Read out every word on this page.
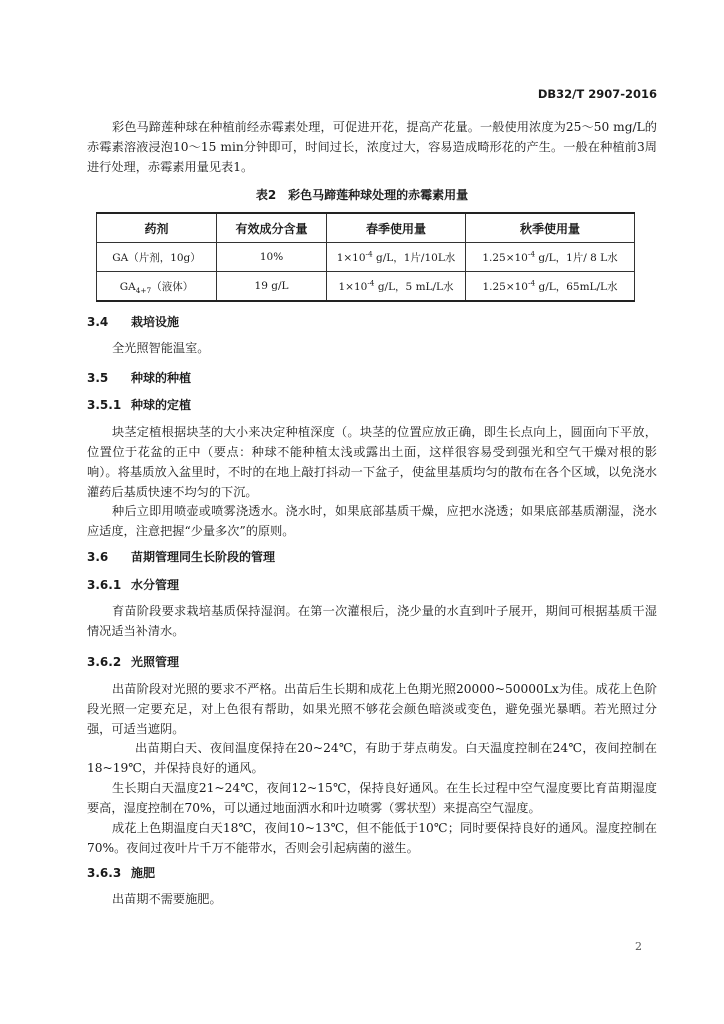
DB32/T 2907-2016

彩色马蹄莲种球在种植前经赤霉素处理，可促进开花，提高产花量。一般使用浓度为25～50 mg/L的赤霉素溶液浸泡10～15 min分钟即可，时间过长，浓度过大，容易造成畸形花的产生。一般在种植前3周进行处理，赤霉素用量见表1。

表2　彩色马蹄莲种球处理的赤霉素用量
药剂	有效成分含量	春季使用量	秋季使用量
GA（片剂，10g）	10%	$1\times 10^{-4}$ g/L，1片/10L水	$1.25\times 10^{-4}$ g/L，1片/ 8 L水
$GA_{4+7}$（液体）	19 g/L	$1\times 10^{-4}$ g/L，5 mL/L水	$1.25\times 10^{-4}$ g/L，65mL/L水
3.4 栽培设施

全光照智能温室。

3.5 种球的种植
3.5.1 种球的定植

块茎定植根据块茎的大小来决定种植深度（。块茎的位置应放正确，即生长点向上，圆面向下平放，位置位于花盆的正中（要点：种球不能种植太浅或露出土面，这样很容易受到强光和空气干燥对根的影响）。将基质放入盆里时，不时的在地上敲打抖动一下盆子，使盆里基质均匀的散布在各个区域，以免浇水灌药后基质快速不均匀的下沉。

种后立即用喷壶或喷雾浇透水。浇水时，如果底部基质干燥，应把水浇透；如果底部基质潮湿，浇水应适度，注意把握“少量多次”的原则。

3.6 苗期管理同生长阶段的管理
3.6.1 水分管理

育苗阶段要求栽培基质保持湿润。在第一次灌根后，浇少量的水直到叶子展开，期间可根据基质干湿情况适当补清水。

3.6.2 光照管理

出苗阶段对光照的要求不严格。出苗后生长期和成花上色期光照20000~50000Lx为佳。成花上色阶段光照一定要充足，对上色很有帮助，如果光照不够花会颜色暗淡或变色，避免强光暴晒。若光照过分强，可适当遮阴。

出苗期白天、夜间温度保持在20~24℃，有助于芽点萌发。白天温度控制在24℃，夜间控制在18~19℃，并保持良好的通风。

生长期白天温度21~24℃，夜间12~15℃，保持良好通风。在生长过程中空气湿度要比育苗期湿度要高，湿度控制在70%，可以通过地面洒水和叶边喷雾（雾状型）来提高空气湿度。

成花上色期温度白天18℃，夜间10~13℃，但不能低于10℃；同时要保持良好的通风。湿度控制在70%。夜间过夜叶片千万不能带水，否则会引起病菌的滋生。

3.6.3 施肥

出苗期不需要施肥。

2
